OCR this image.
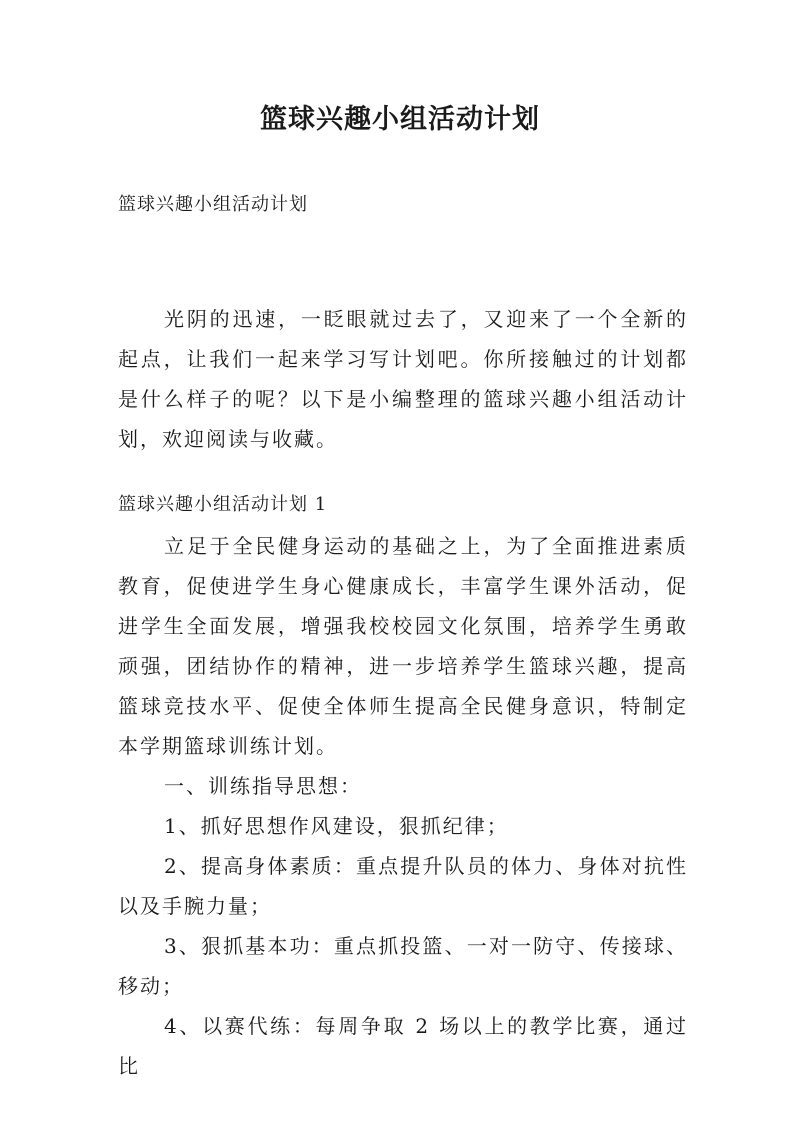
篮球兴趣小组活动计划
篮球兴趣小组活动计划

光阴的迅速，一眨眼就过去了，又迎来了一个全新的起点，让我们一起来学习写计划吧。你所接触过的计划都是什么样子的呢？以下是小编整理的篮球兴趣小组活动计划，欢迎阅读与收藏。

篮球兴趣小组活动计划 1

立足于全民健身运动的基础之上，为了全面推进素质教育，促使进学生身心健康成长，丰富学生课外活动，促进学生全面发展，增强我校校园文化氛围，培养学生勇敢顽强，团结协作的精神，进一步培养学生篮球兴趣，提高篮球竞技水平、促使全体师生提高全民健身意识，特制定本学期篮球训练计划。

一、训练指导思想：

1、抓好思想作风建设，狠抓纪律；

2、提高身体素质：重点提升队员的体力、身体对抗性以及手腕力量；

3、狠抓基本功：重点抓投篮、一对一防守、传接球、移动；

4、以赛代练：每周争取 2 场以上的教学比赛，通过比
